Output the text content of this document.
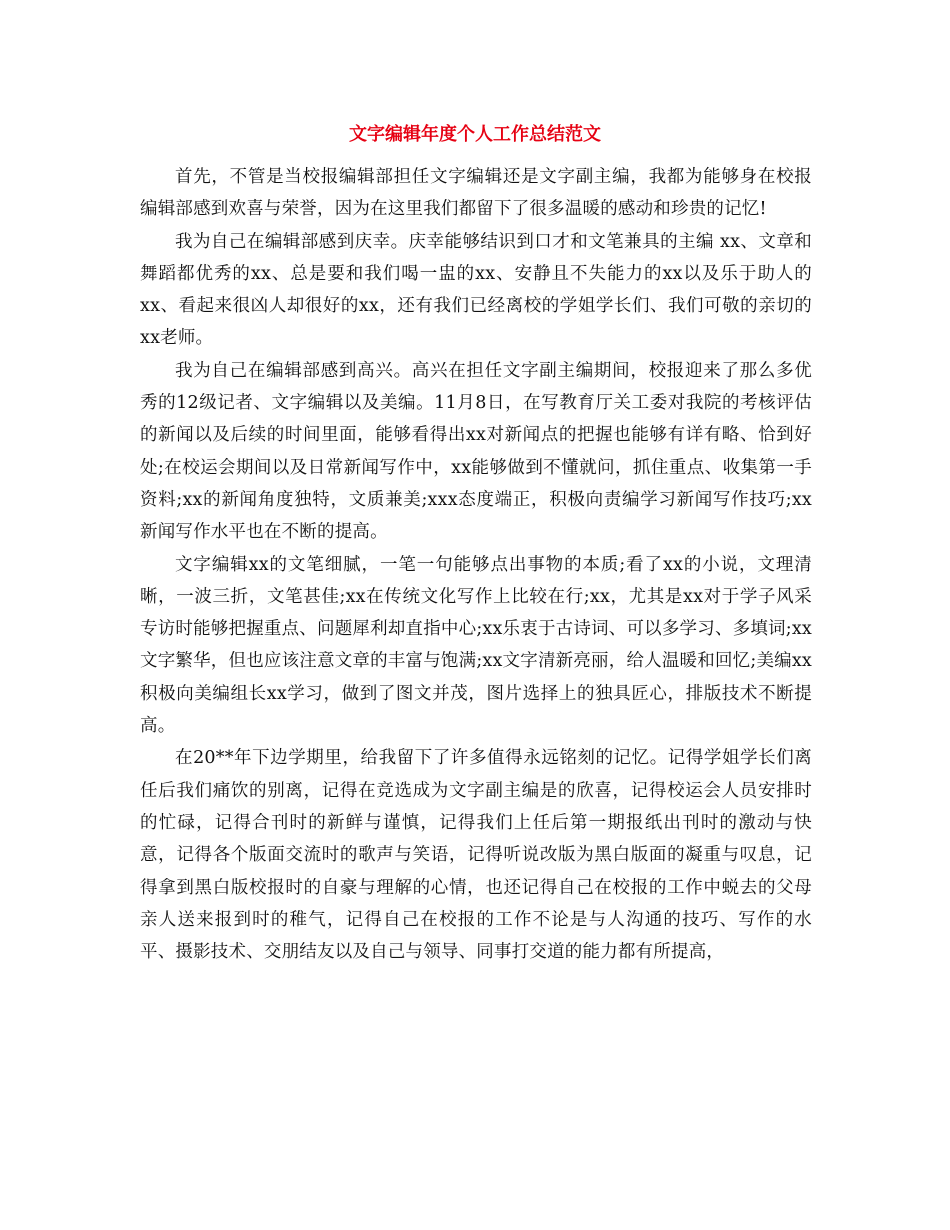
文字编辑年度个人工作总结范文

首先，不管是当校报编辑部担任文字编辑还是文字副主编，我都为能够身在校报编辑部感到欢喜与荣誉，因为在这里我们都留下了很多温暖的感动和珍贵的记忆!

我为自己在编辑部感到庆幸。庆幸能够结识到口才和文笔兼具的主编 xx、文章和舞蹈都优秀的xx、总是要和我们喝一盅的xx、安静且不失能力的xx以及乐于助人的xx、看起来很凶人却很好的xx，还有我们已经离校的学姐学长们、我们可敬的亲切的xx老师。

我为自己在编辑部感到高兴。高兴在担任文字副主编期间，校报迎来了那么多优秀的12级记者、文字编辑以及美编。11月8日，在写教育厅关工委对我院的考核评估的新闻以及后续的时间里面，能够看得出xx对新闻点的把握也能够有详有略、恰到好处;在校运会期间以及日常新闻写作中，xx能够做到不懂就问，抓住重点、收集第一手资料;xx的新闻角度独特，文质兼美;xxx态度端正，积极向责编学习新闻写作技巧;xx新闻写作水平也在不断的提高。

文字编辑xx的文笔细腻，一笔一句能够点出事物的本质;看了xx的小说，文理清晰，一波三折，文笔甚佳;xx在传统文化写作上比较在行;xx，尤其是xx对于学子风采专访时能够把握重点、问题犀利却直指中心;xx乐衷于古诗词、可以多学习、多填词;xx文字繁华，但也应该注意文章的丰富与饱满;xx文字清新亮丽，给人温暖和回忆;美编xx积极向美编组长xx学习，做到了图文并茂，图片选择上的独具匠心，排版技术不断提高。

在20**年下边学期里，给我留下了许多值得永远铭刻的记忆。记得学姐学长们离任后我们痛饮的别离，记得在竞选成为文字副主编是的欣喜，记得校运会人员安排时的忙碌，记得合刊时的新鲜与谨慎，记得我们上任后第一期报纸出刊时的激动与快意，记得各个版面交流时的歌声与笑语，记得听说改版为黑白版面的凝重与叹息，记得拿到黑白版校报时的自豪与理解的心情，也还记得自己在校报的工作中蜕去的父母亲人送来报到时的稚气，记得自己在校报的工作不论是与人沟通的技巧、写作的水平、摄影技术、交朋结友以及自己与领导、同事打交道的能力都有所提高，
